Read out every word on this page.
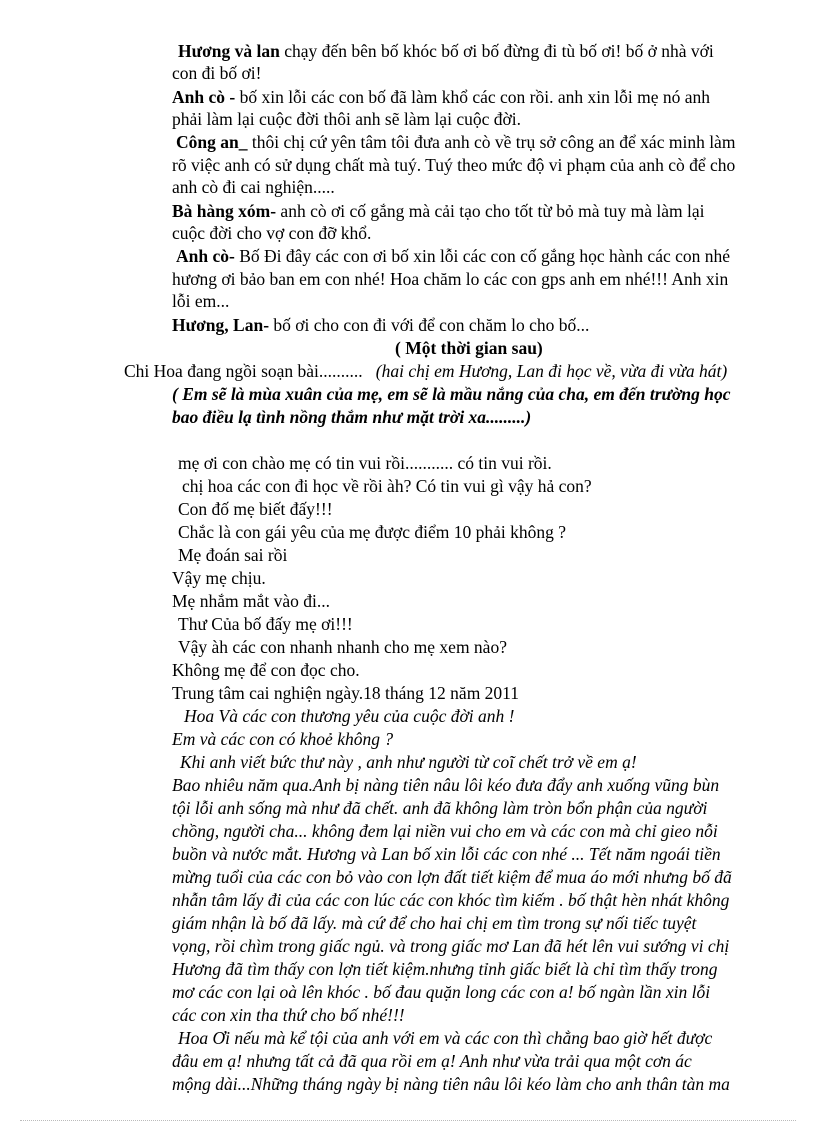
Hương và lan chạy đến bên bố khóc bố ơi bố đừng đi tù bố ơi! bố ở nhà với
con đi bố ơi!
Anh cò - bố xin lỗi các con bố đã làm khổ các con rồi. anh xin lỗi mẹ nó anh
phải làm lại cuộc đời thôi anh sẽ làm lại cuộc đời.
Công an_ thôi chị cứ yên tâm tôi đưa anh cò về trụ sở công an để xác minh làm
rõ việc anh có sử dụng chất mà tuý. Tuý theo mức độ vi phạm của anh cò để cho
anh cò đi cai nghiện.....
Bà hàng xóm- anh cò ơi cố gắng mà cải tạo cho tốt từ bỏ mà tuy mà làm lại
cuộc đời cho vợ con đỡ khổ.
Anh cò- Bố Đi đây các con ơi bố xin lỗi các con cố gắng học hành các con nhé
hương ơi bảo ban em con nhé! Hoa chăm lo các con gps anh em nhé!!! Anh xin
lỗi em...
Hương, Lan- bố ơi cho con đi với để con chăm lo cho bố...
( Một thời gian sau)
Chi Hoa đang ngồi soạn bài.......... (hai chị em Hương, Lan đi học về, vừa đi vừa hát)
( Em sẽ là mùa xuân của mẹ, em sẽ là mầu nắng của cha, em đến trường học
bao điều lạ tình nồng thắm như mặt trời xa.........)
mẹ ơi con chào mẹ có tin vui rồi........... có tin vui rồi.
chị hoa các con đi học về rồi àh? Có tin vui gì vậy hả con?
Con đố mẹ biết đấy!!!
Chắc là con gái yêu của mẹ được điểm 10 phải không ?
Mẹ đoán sai rồi
Vậy mẹ chịu.
Mẹ nhắm mắt vào đi...
Thư Của bố đấy mẹ ơi!!!
Vậy àh các con nhanh nhanh cho mẹ xem nào?
Không mẹ để con đọc cho.
Trung tâm cai nghiện ngày.18 tháng 12 năm 2011
Hoa Và các con thương yêu của cuộc đời anh !
Em và các con có khoẻ không ?
Khi anh viết bức thư này , anh như người từ coĩ chết trở về em ạ!
Bao nhiêu năm qua.Anh bị nàng tiên nâu lôi kéo đưa đẩy anh xuống vũng bùn
tội lỗi anh sống mà như đã chết. anh đã không làm tròn bổn phận của người
chồng, người cha... không đem lại niền vui cho em và các con mà chỉ gieo nỗi
buồn và nước mắt. Hương và Lan bố xin lỗi các con nhé ... Tết năm ngoái tiền
mừng tuổi của các con bỏ vào con lợn đất tiết kiệm để mua áo mới nhưng bố đã
nhẫn tâm lấy đi của các con lúc các con khóc tìm kiếm . bố thật hèn nhát không
giám nhận là bố đã lấy. mà cứ để cho hai chị em tìm trong sự nối tiếc tuyệt
vọng, rồi chìm trong giấc ngủ. và trong giấc mơ Lan đã hét lên vui sướng vi chị
Hương đã tìm thấy con lợn tiết kiệm.nhưng tỉnh giấc biết là chỉ tìm thấy trong
mơ các con lại oà lên khóc . bố đau quặn long các con a! bố ngàn lần xin lỗi
các con xin tha thứ cho bố nhé!!!
Hoa Ơi nếu mà kể tội của anh với em và các con thì chẳng bao giờ hết được
đâu em ạ! nhưng tất cả đã qua rồi em ạ! Anh như vừa trải qua một cơn ác
mộng dài...Những tháng ngày bị nàng tiên nâu lôi kéo làm cho anh thân tàn ma
